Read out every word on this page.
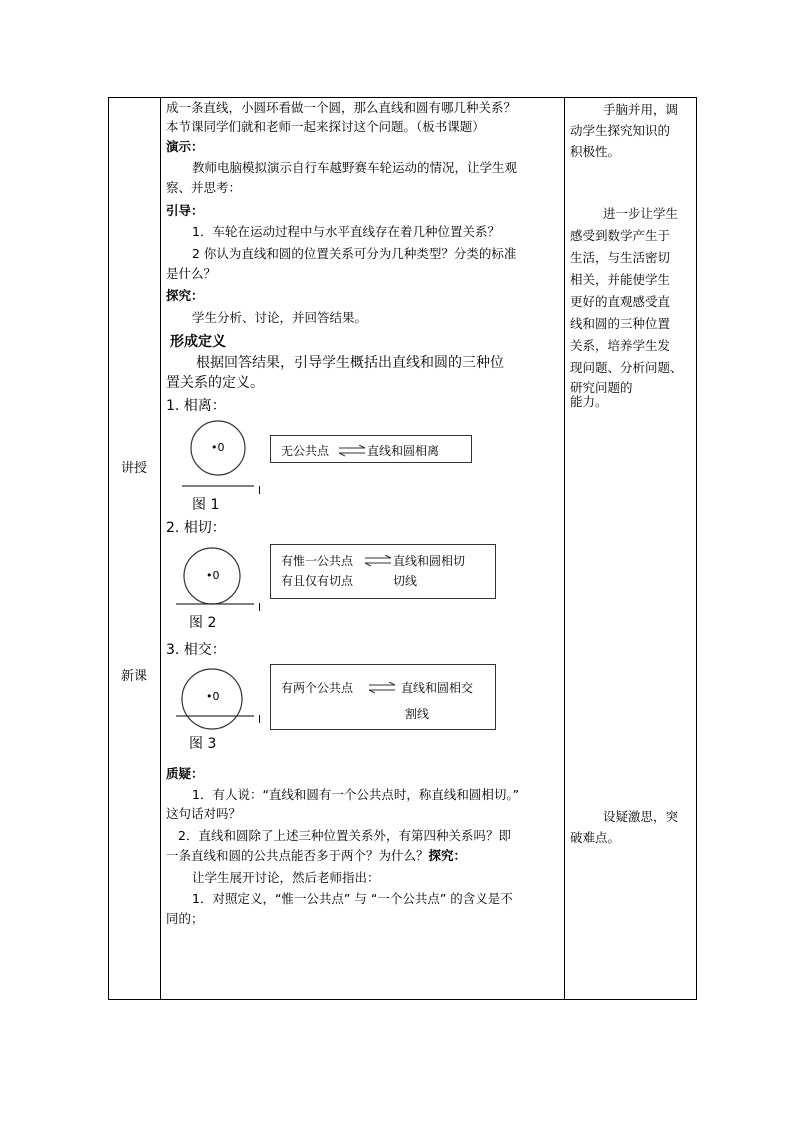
讲授
新课
成一条直线，小圆环看做一个圆，那么直线和圆有哪几种关系？
本节课同学们就和老师一起来探讨这个问题。（板书课题）
演示：
教师电脑模拟演示自行车越野赛车轮运动的情况，让学生观
察、并思考：
引导：
1．车轮在运动过程中与水平直线存在着几种位置关系？
2 你认为直线和圆的位置关系可分为几种类型？分类的标准
是什么？
探究：
学生分析、讨论，并回答结果。
形成定义
根据回答结果，引导学生概括出直线和圆的三种位
置关系的定义。
1. 相离：
•0
l
图 1
无公共点	直线和圆相离
2. 相切：
•0
l
图 2
有惟一公共点	直线和圆相切
有且仅有切点	切线
3. 相交：
•0
l
图 3
有两个公共点	直线和圆相交
割线
质疑：
1．有人说：“直线和圆有一个公共点时，称直线和圆相切。”
这句话对吗？
2．直线和圆除了上述三种位置关系外，有第四种关系吗？即
一条直线和圆的公共点能否多于两个？为什么？探究：
让学生展开讨论，然后老师指出：
1．对照定义，“惟一公共点” 与 “一个公共点” 的含义是不
同的；
手脑并用，调
动学生探究知识的
积极性。
进一步让学生
感受到数学产生于
生活，与生活密切
相关，并能使学生
更好的直观感受直
线和圆的三种位置
关系，培养学生发
现问题、分析问题、
研究问题的
能力。
设疑激思，突
破难点。
